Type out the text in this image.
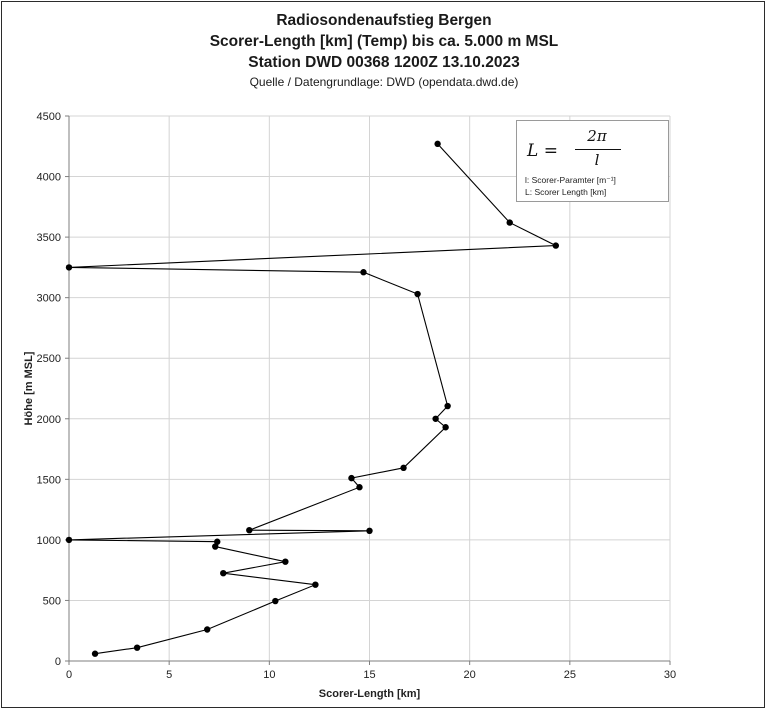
Radiosondenaufstieg Bergen
Scorer-Length [km] (Temp) bis ca. 5.000 m MSL
Station DWD 00368 1200Z 13.10.2023
Quelle / Datengrundlage: DWD (opendata.dwd.de)
0	5	10	15	20	25	30
0
500
1000
1500
2000
2500
3000
3500
4000
4500
Scorer-Length [km]
Höhe [m MSL]
L =
2π
l
l: Scorer-Paramter [m⁻¹]
L: Scorer Length [km]
